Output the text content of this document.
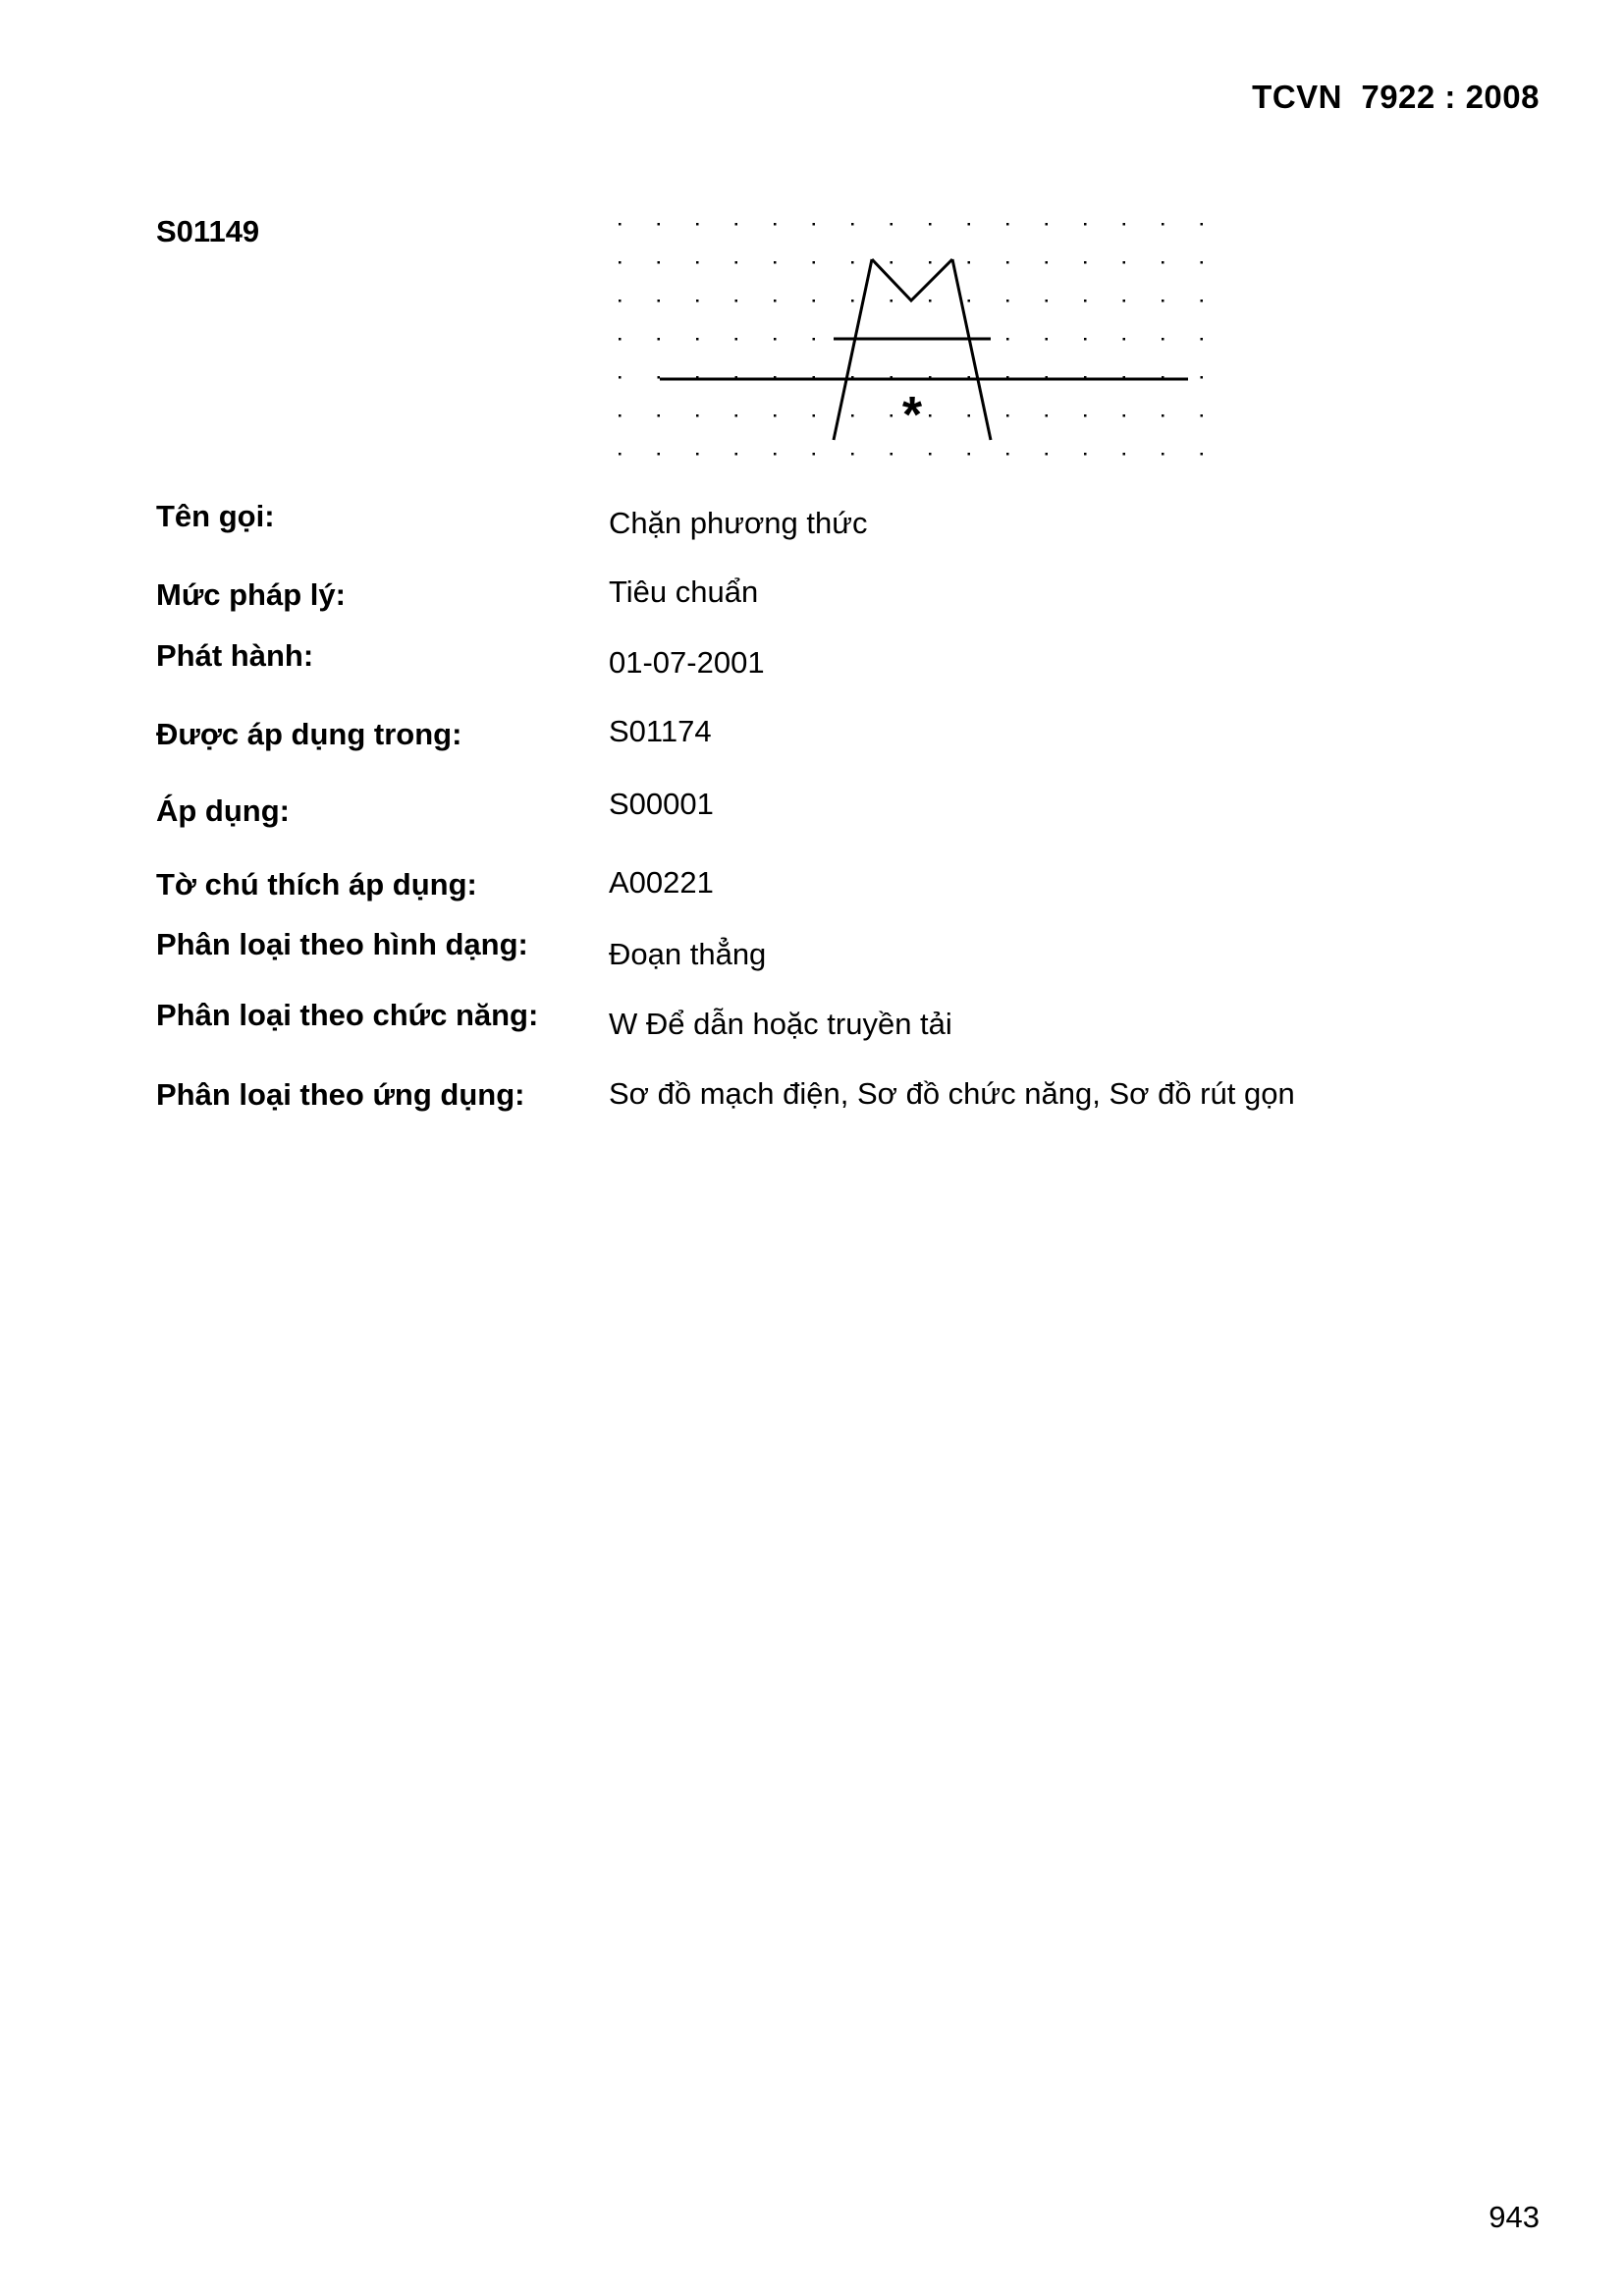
TCVN  7922 : 2008
S01149
*
Tên gọi:	Chặn phương thức
Mức pháp lý:	Tiêu chuẩn
Phát hành:	01-07-2001
Được áp dụng trong:	S01174
Áp dụng:	S00001
Tờ chú thích áp dụng:	A00221
Phân loại theo hình dạng:	Đoạn thẳng
Phân loại theo chức năng: W Để dẫn hoặc truyền tải
Phân loại theo ứng dụng:	Sơ đồ mạch điện, Sơ đồ chức năng, Sơ đồ rút gọn
943
